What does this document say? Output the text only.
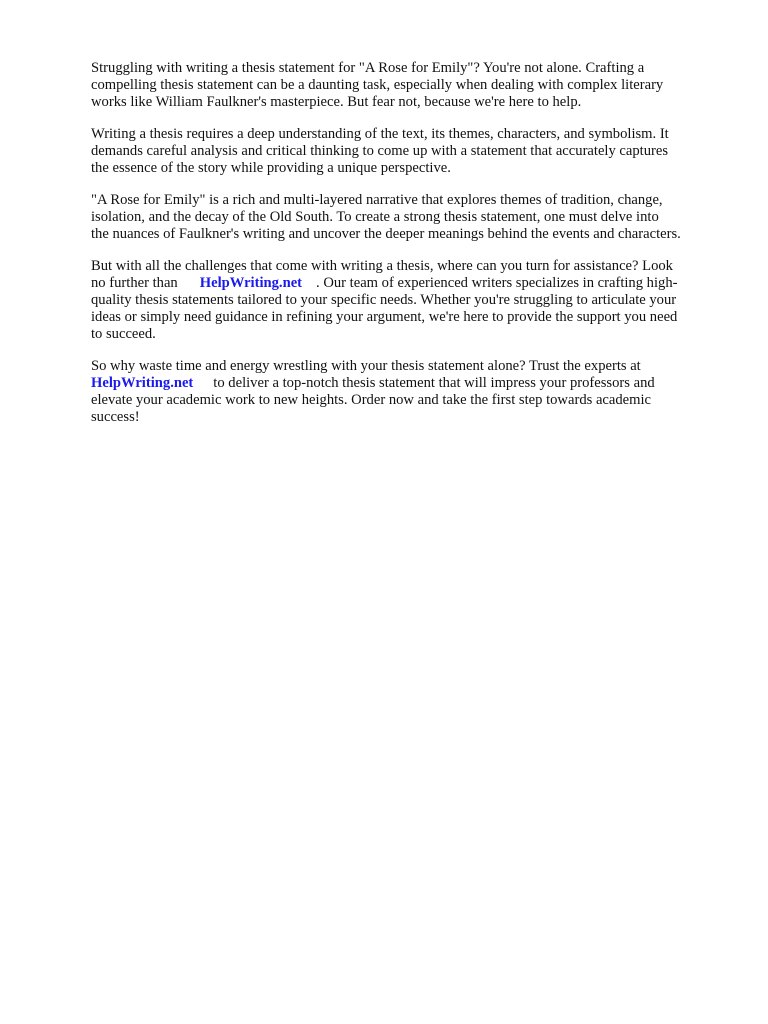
Struggling with writing a thesis statement for "A Rose for Emily"? You're not alone. Crafting a
compelling thesis statement can be a daunting task, especially when dealing with complex literary
works like William Faulkner's masterpiece. But fear not, because we're here to help.

Writing a thesis requires a deep understanding of the text, its themes, characters, and symbolism. It
demands careful analysis and critical thinking to come up with a statement that accurately captures
the essence of the story while providing a unique perspective.

"A Rose for Emily" is a rich and multi-layered narrative that explores themes of tradition, change,
isolation, and the decay of the Old South. To create a strong thesis statement, one must delve into
the nuances of Faulkner's writing and uncover the deeper meanings behind the events and characters.

But with all the challenges that come with writing a thesis, where can you turn for assistance? Look
no further than HelpWriting.net . Our team of experienced writers specializes in crafting high-
quality thesis statements tailored to your specific needs. Whether you're struggling to articulate your
ideas or simply need guidance in refining your argument, we're here to provide the support you need
to succeed.

So why waste time and energy wrestling with your thesis statement alone? Trust the experts at
HelpWriting.net to deliver a top-notch thesis statement that will impress your professors and
elevate your academic work to new heights. Order now and take the first step towards academic
success!
